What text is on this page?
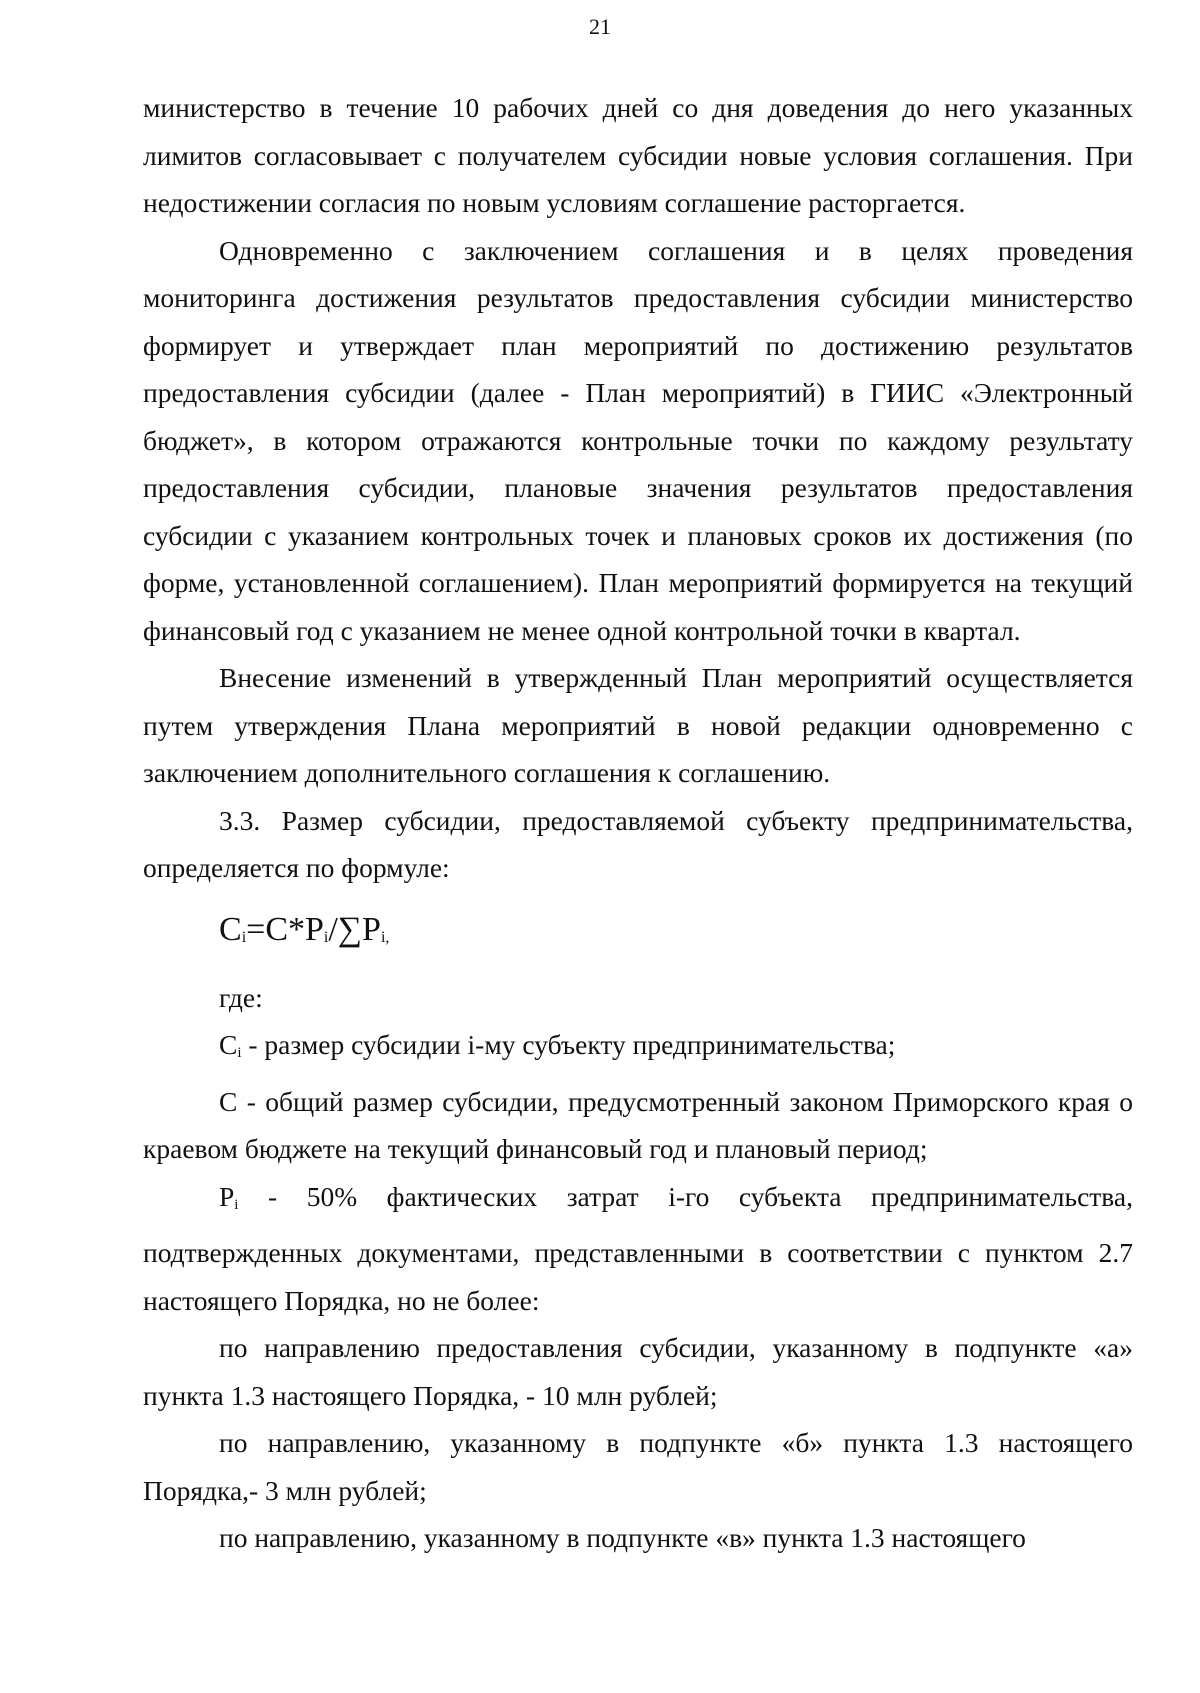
21

министерство в течение 10 рабочих дней со дня доведения до него указанных лимитов согласовывает с получателем субсидии новые условия соглашения. При недостижении согласия по новым условиям соглашение расторгается.

Одновременно с заключением соглашения и в целях проведения мониторинга достижения результатов предоставления субсидии министерство формирует и утверждает план мероприятий по достижению результатов предоставления субсидии (далее - План мероприятий) в ГИИС «Электронный бюджет», в котором отражаются контрольные точки по каждому результату предоставления субсидии, плановые значения результатов предоставления субсидии с указанием контрольных точек и плановых сроков их достижения (по форме, установленной соглашением). План мероприятий формируется на текущий финансовый год с указанием не менее одной контрольной точки в квартал.

Внесение изменений в утвержденный План мероприятий осуществляется путем утверждения Плана мероприятий в новой редакции одновременно с заключением дополнительного соглашения к соглашению.

3.3. Размер субсидии, предоставляемой субъекту предпринимательства, определяется по формуле:

$C_i=C*P_i/\sum P_{i,}$

где:

$C_i$ - размер субсидии i-му субъекту предпринимательства;

C - общий размер субсидии, предусмотренный законом Приморского края о краевом бюджете на текущий финансовый год и плановый период;

$P_i - 50\%$ фактических затрат i-го субъекта предпринимательства, подтвержденных документами, представленными в соответствии с пунктом 2.7 настоящего Порядка, но не более:

по направлению предоставления субсидии, указанному в подпункте «а» пункта 1.3 настоящего Порядка, - 10 млн рублей;

по направлению, указанному в подпункте «б» пункта 1.3 настоящего Порядка,- 3 млн рублей;

по направлению, указанному в подпункте «в» пункта 1.3 настоящего
